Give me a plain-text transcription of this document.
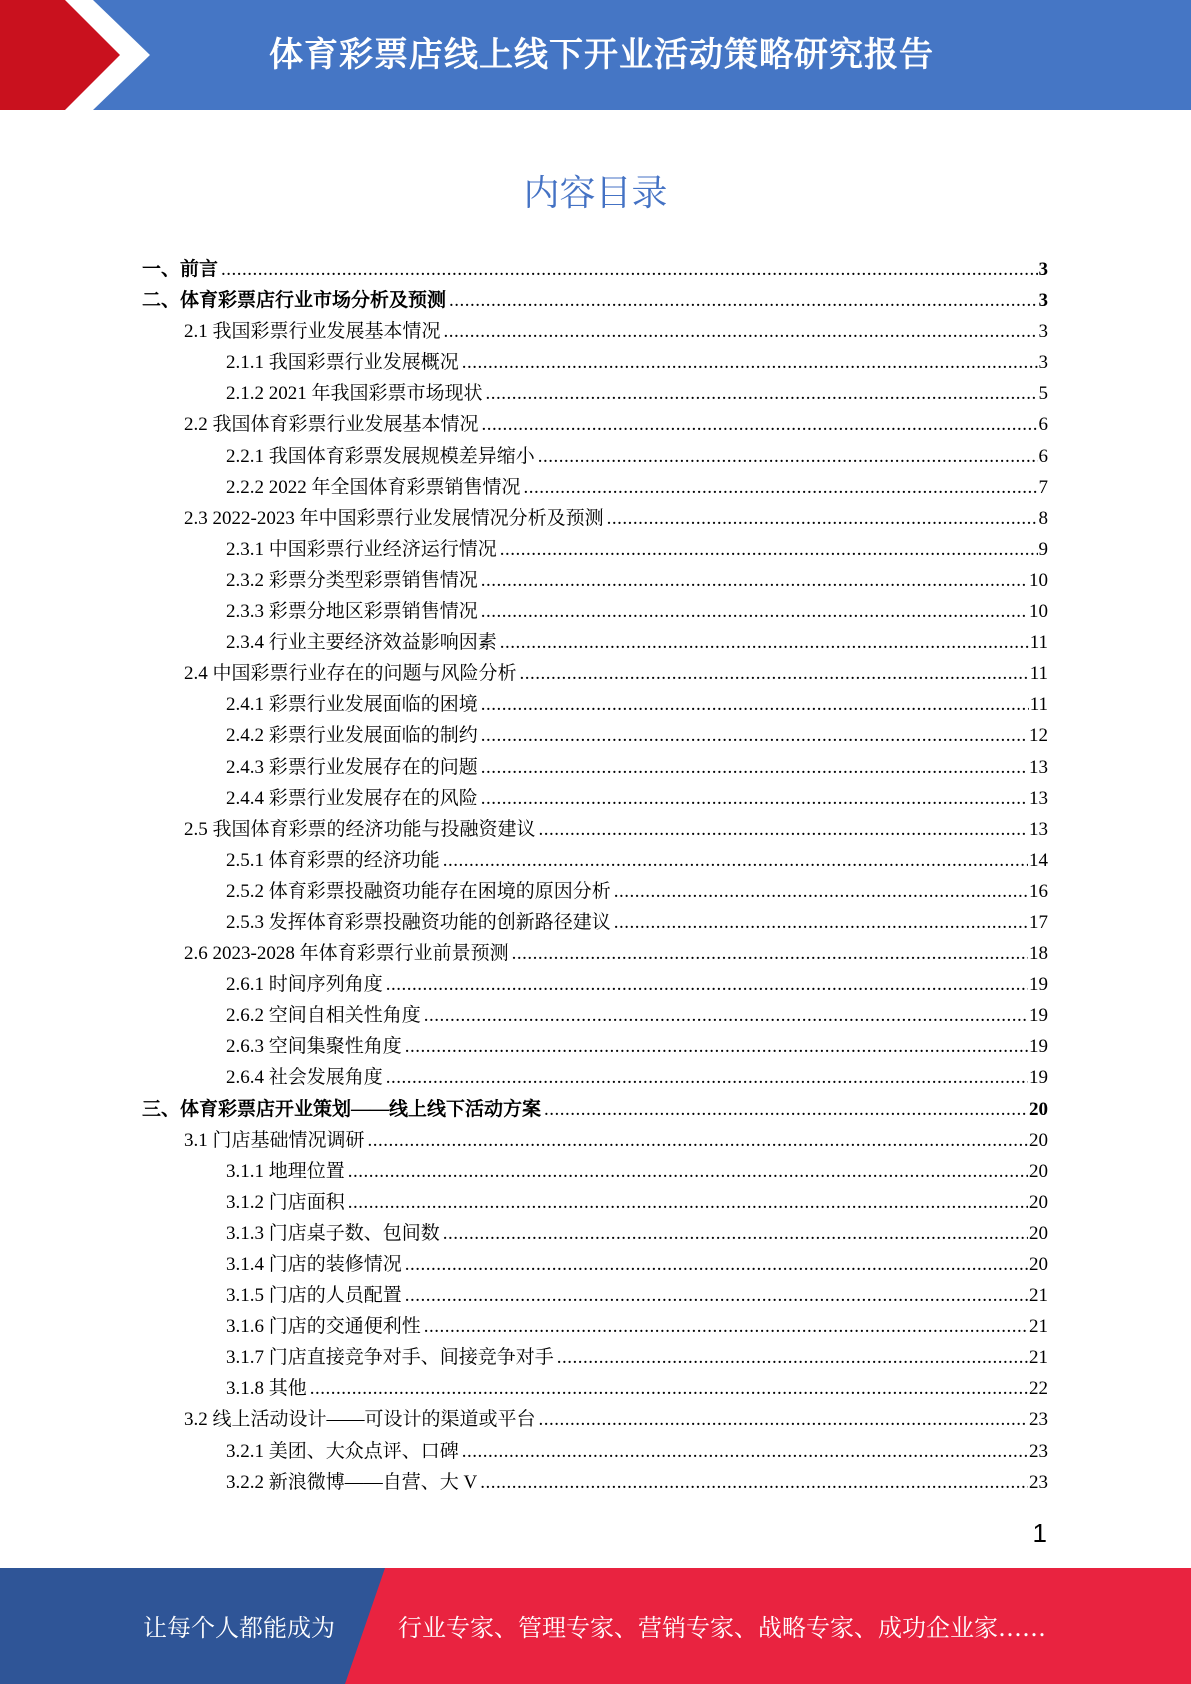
体育彩票店线上线下开业活动策略研究报告
内容目录
一、前言 .....	3
二、体育彩票店行业市场分析及预测 .....	3
2.1 我国彩票行业发展基本情况 .....	3
2.1.1 我国彩票行业发展概况 .....	3
2.1.2 2021 年我国彩票市场现状 .....	5
2.2 我国体育彩票行业发展基本情况 .....	6
2.2.1 我国体育彩票发展规模差异缩小 .....	6
2.2.2 2022 年全国体育彩票销售情况 .....	7
2.3 2022-2023 年中国彩票行业发展情况分析及预测 .....	8
2.3.1 中国彩票行业经济运行情况 .....	9
2.3.2 彩票分类型彩票销售情况 .....	10
2.3.3 彩票分地区彩票销售情况 .....	10
2.3.4 行业主要经济效益影响因素 .....	11
2.4 中国彩票行业存在的问题与风险分析 .....	11
2.4.1 彩票行业发展面临的困境 .....	11
2.4.2 彩票行业发展面临的制约 .....	12
2.4.3 彩票行业发展存在的问题 .....	13
2.4.4 彩票行业发展存在的风险 .....	13
2.5 我国体育彩票的经济功能与投融资建议 .....	13
2.5.1 体育彩票的经济功能 .....	14
2.5.2 体育彩票投融资功能存在困境的原因分析 .....	16
2.5.3 发挥体育彩票投融资功能的创新路径建议 .....	17
2.6 2023-2028 年体育彩票行业前景预测 .....	18
2.6.1 时间序列角度 .....	19
2.6.2 空间自相关性角度 .....	19
2.6.3 空间集聚性角度 .....	19
2.6.4 社会发展角度 .....	19
三、体育彩票店开业策划——线上线下活动方案 .....	20
3.1 门店基础情况调研 .....	20
3.1.1 地理位置 .....	20
3.1.2 门店面积 .....	20
3.1.3 门店桌子数、包间数 .....	20
3.1.4 门店的装修情况 .....	20
3.1.5 门店的人员配置 .....	21
3.1.6 门店的交通便利性 .....	21
3.1.7 门店直接竞争对手、间接竞争对手 .....	21
3.1.8 其他 .....	22
3.2 线上活动设计——可设计的渠道或平台 .....	23
3.2.1 美团、大众点评、口碑 .....	23
3.2.2 新浪微博——自营、大 V .....	23
1
让每个人都能成为	行业专家、管理专家、营销专家、战略专家、成功企业家……
